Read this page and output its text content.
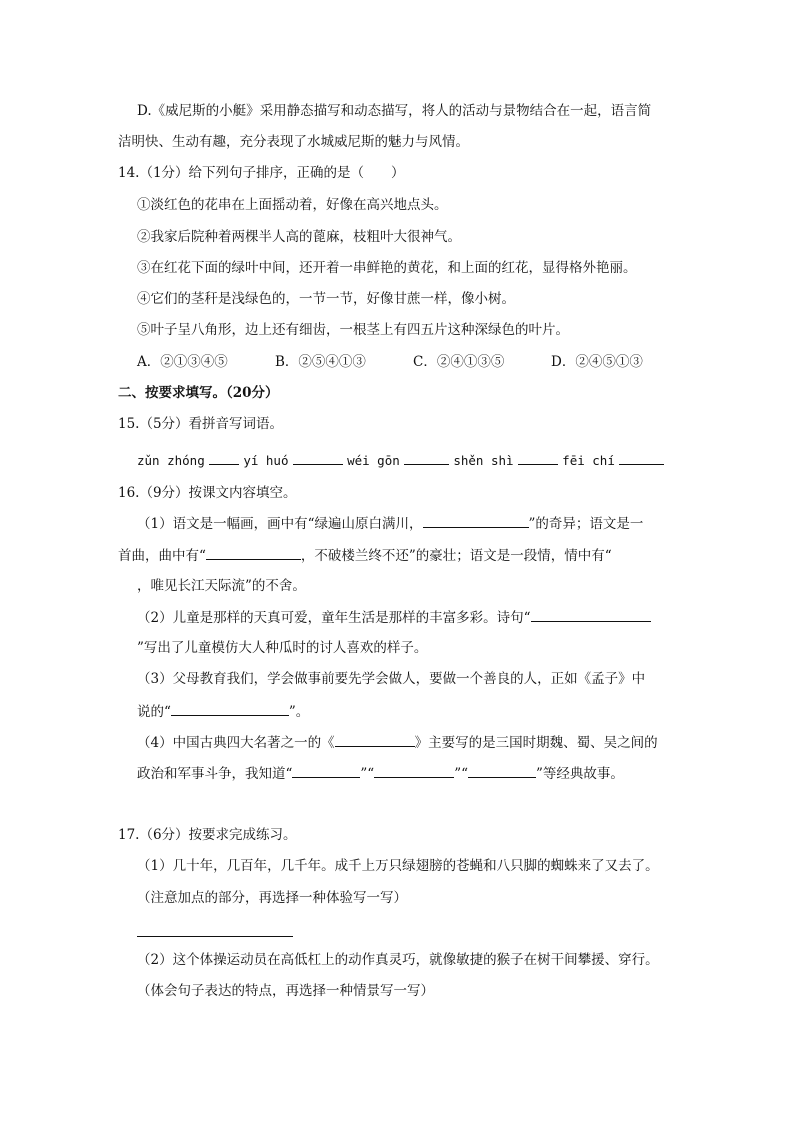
D.《威尼斯的小艇》采用静态描写和动态描写，将人的活动与景物结合在一起，语言简
洁明快、生动有趣，充分表现了水城威尼斯的魅力与风情。
14.（1分）给下列句子排序，正确的是（　　）
①淡红色的花串在上面摇动着，好像在高兴地点头。
②我家后院种着两棵半人高的蓖麻，枝粗叶大很神气。
③在红花下面的绿叶中间，还开着一串鲜艳的黄花，和上面的红花，显得格外艳丽。
④它们的茎秆是浅绿色的，一节一节，好像甘蔗一样，像小树。
⑤叶子呈八角形，边上还有细齿，一根茎上有四五片这种深绿色的叶片。
A．②①③④⑤	B．②⑤④①③	C．②④①③⑤	D．②④⑤①③
二、按要求填写。（20分）
15.（5分）看拼音写词语。
zǔn zhóng	yí huó	wéi gōn	shěn shì	fēi chí
16.（9分）按课文内容填空。
（1）语文是一幅画，画中有“绿遍山原白满川，	”的奇异；语文是一
首曲，曲中有“	，不破楼兰终不还”的豪壮；语文是一段情，情中有“
，唯见长江天际流”的不舍。
（2）儿童是那样的天真可爱，童年生活是那样的丰富多彩。诗句“
”写出了儿童模仿大人种瓜时的讨人喜欢的样子。
（3）父母教育我们，学会做事前要先学会做人，要做一个善良的人，正如《孟子》中
说的“	”。
（4）中国古典四大名著之一的《	》主要写的是三国时期魏、蜀、吴之间的
政治和军事斗争，我知道“	”“	”“	”等经典故事。
17.（6分）按要求完成练习。
（1）几十年，几百年，几千年。成千上万只绿翅膀的苍蝇和八只脚的蜘蛛来了又去了。
（注意加点的部分，再选择一种体验写一写）
（2）这个体操运动员在高低杠上的动作真灵巧，就像敏捷的猴子在树干间攀援、穿行。
（体会句子表达的特点，再选择一种情景写一写）
